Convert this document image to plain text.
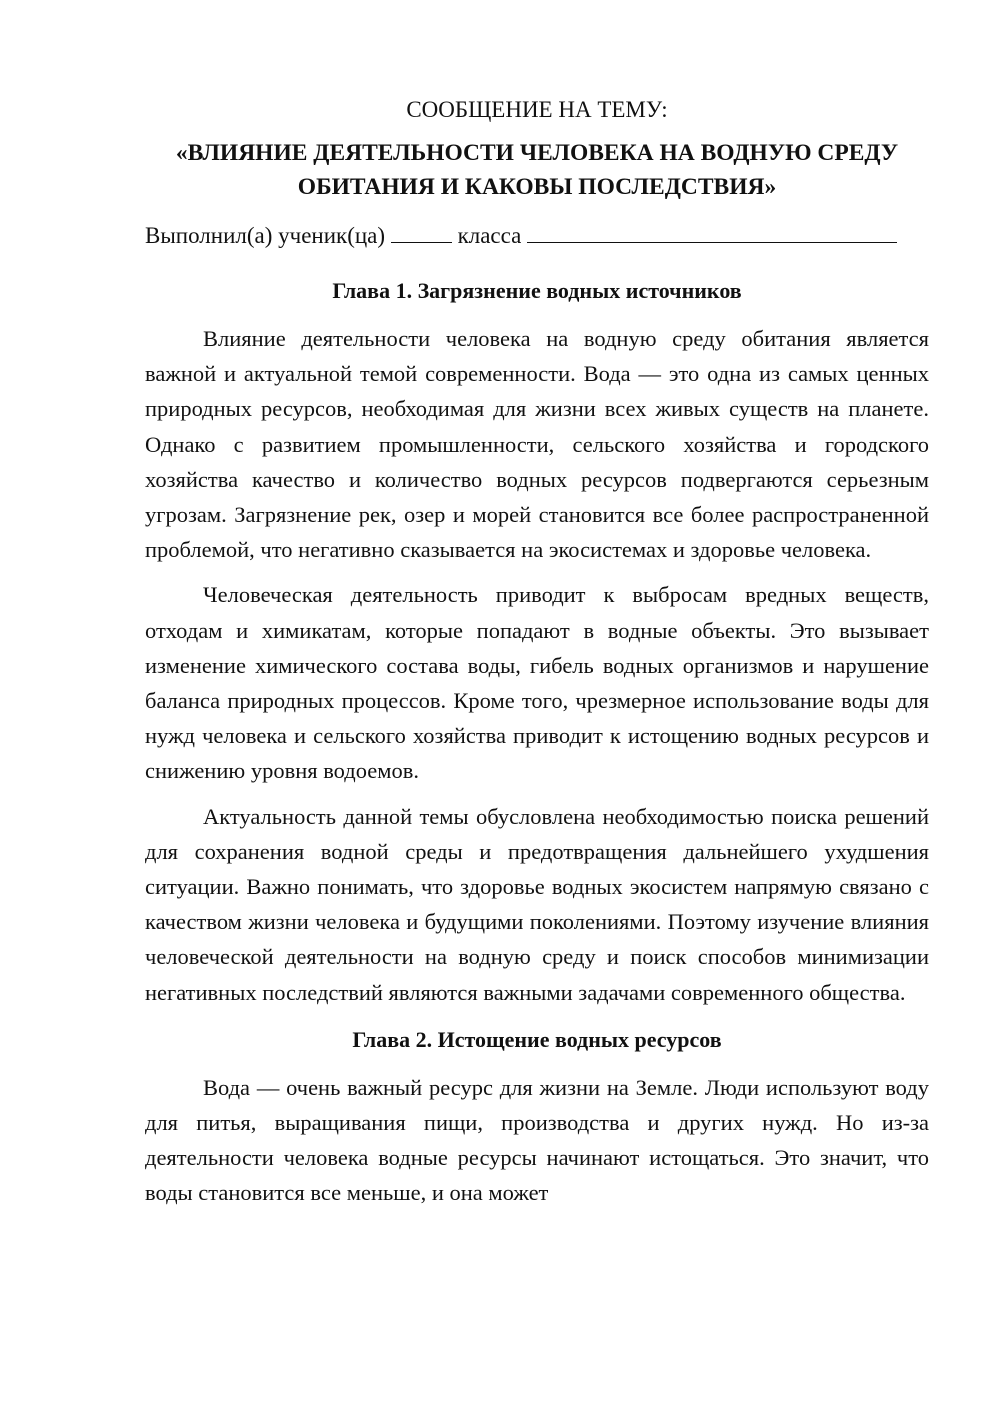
СООБЩЕНИЕ НА ТЕМУ:

«ВЛИЯНИЕ ДЕЯТЕЛЬНОСТИ ЧЕЛОВЕКА НА ВОДНУЮ СРЕДУ
ОБИТАНИЯ И КАКОВЫ ПОСЛЕДСТВИЯ»

Выполнил(а) ученик(ца)	класса

Глава 1. Загрязнение водных источников

Влияние деятельности человека на водную среду обитания является важной и актуальной темой современности. Вода — это одна из самых ценных природных ресурсов, необходимая для жизни всех живых существ на планете. Однако с развитием промышленности, сельского хозяйства и городского хозяйства качество и количество водных ресурсов подвергаются серьезным угрозам. Загрязнение рек, озер и морей становится все более распространенной проблемой, что негативно сказывается на экосистемах и здоровье человека.

Человеческая деятельность приводит к выбросам вредных веществ, отходам и химикатам, которые попадают в водные объекты. Это вызывает изменение химического состава воды, гибель водных организмов и нарушение баланса природных процессов. Кроме того, чрезмерное использование воды для нужд человека и сельского хозяйства приводит к истощению водных ресурсов и снижению уровня водоемов.

Актуальность данной темы обусловлена необходимостью поиска решений для сохранения водной среды и предотвращения дальнейшего ухудшения ситуации. Важно понимать, что здоровье водных экосистем напрямую связано с качеством жизни человека и будущими поколениями. Поэтому изучение влияния человеческой деятельности на водную среду и поиск способов минимизации негативных последствий являются важными задачами современного общества.

Глава 2. Истощение водных ресурсов

Вода — очень важный ресурс для жизни на Земле. Люди используют воду для питья, выращивания пищи, производства и других нужд. Но из-за деятельности человека водные ресурсы начинают истощаться. Это значит, что воды становится все меньше, и она может
